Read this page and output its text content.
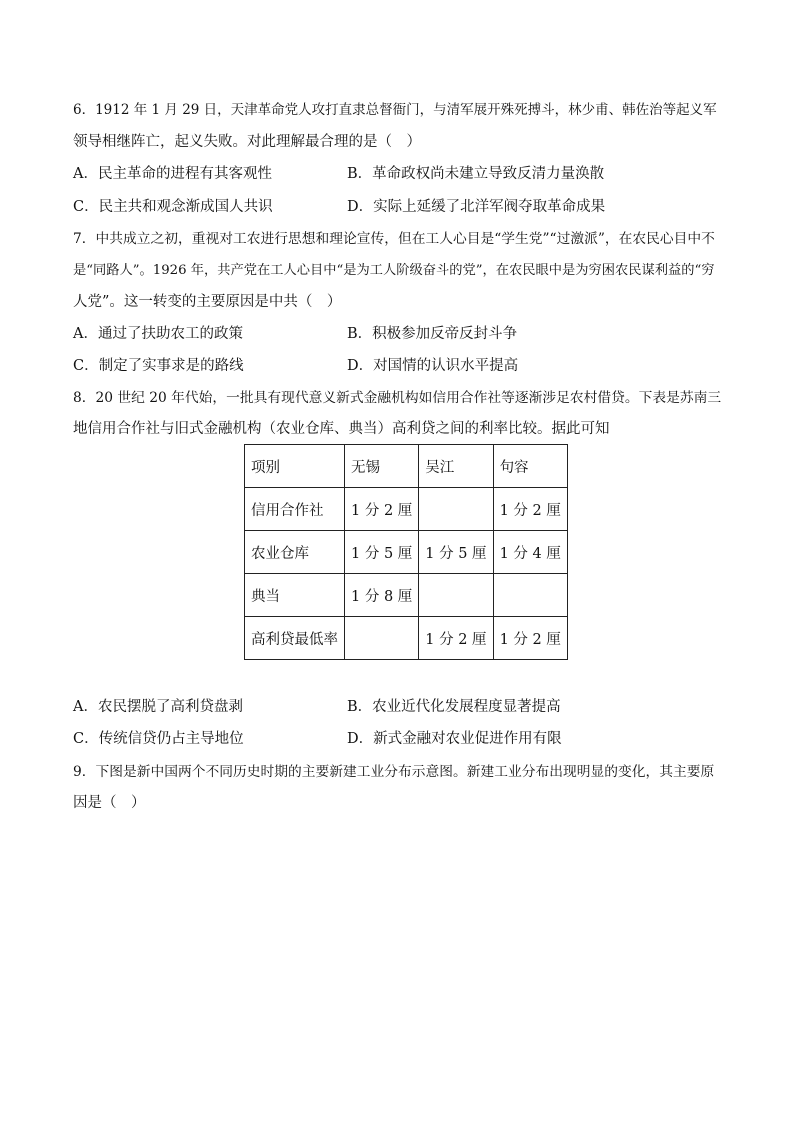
6．1912 年 1 月 29 日，天津革命党人攻打直隶总督衙门，与清军展开殊死搏斗，林少甫、韩佐治等起义军
领导相继阵亡，起义失败。对此理解最合理的是（　）
A．民主革命的进程有其客观性	B．革命政权尚未建立导致反清力量涣散
C．民主共和观念渐成国人共识	D．实际上延缓了北洋军阀夺取革命成果
7．中共成立之初，重视对工农进行思想和理论宣传，但在工人心目是“学生党”“过激派”，在农民心目中不
是“同路人”。1926 年，共产党在工人心目中“是为工人阶级奋斗的党”，在农民眼中是为穷困农民谋利益的“穷
人党”。这一转变的主要原因是中共（　）
A．通过了扶助农工的政策	B．积极参加反帝反封斗争
C．制定了实事求是的路线	D．对国情的认识水平提高
8．20 世纪 20 年代始，一批具有现代意义新式金融机构如信用合作社等逐渐涉足农村借贷。下表是苏南三
地信用合作社与旧式金融机构（农业仓库、典当）高利贷之间的利率比较。据此可知
项别	无锡	吴江	句容
信用合作社	1 分 2 厘		1 分 2 厘
农业仓库	1 分 5 厘	1 分 5 厘	1 分 4 厘
典当	1 分 8 厘		
高利贷最低率		1 分 2 厘	1 分 2 厘
A．农民摆脱了高利贷盘剥	B．农业近代化发展程度显著提高
C．传统信贷仍占主导地位	D．新式金融对农业促进作用有限
9．下图是新中国两个不同历史时期的主要新建工业分布示意图。新建工业分布出现明显的变化，其主要原
因是（　）
